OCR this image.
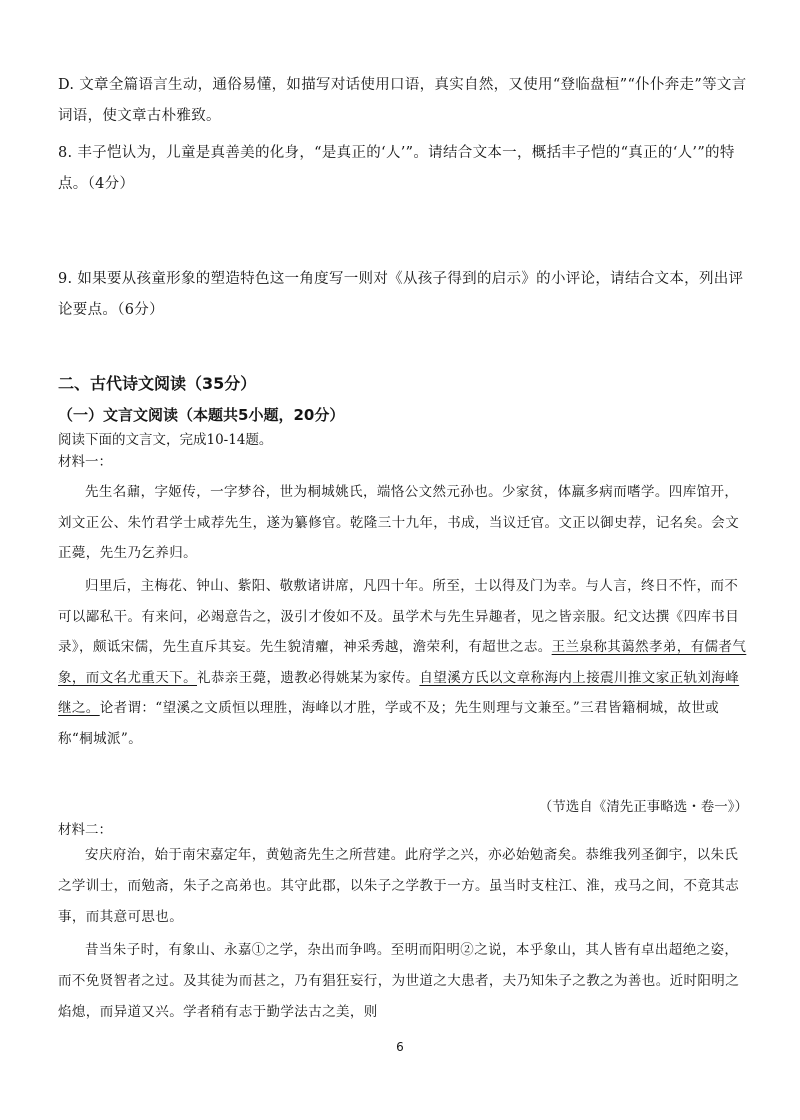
D. 文章全篇语言生动，通俗易懂，如描写对话使用口语，真实自然，又使用“登临盘桓”“仆仆奔走”等文言词语，使文章古朴雅致。

8. 丰子恺认为，儿童是真善美的化身，“是真正的‘人’”。请结合文本一，概括丰子恺的“真正的‘人’”的特点。（4分）

9. 如果要从孩童形象的塑造特色这一角度写一则对《从孩子得到的启示》的小评论，请结合文本，列出评论要点。（6分）

二、古代诗文阅读（35分）
（一）文言文阅读（本题共5小题，20分）
阅读下面的文言文，完成10-14题。
材料一：

先生名鼐，字姬传，一字梦谷，世为桐城姚氏，端恪公文然元孙也。少家贫，体羸多病而嗜学。四库馆开，刘文正公、朱竹君学士咸荐先生，遂为纂修官。乾隆三十九年，书成，当议迁官。文正以御史荐，记名矣。会文正薨，先生乃乞养归。

归里后，主梅花、钟山、紫阳、敬敷诸讲席，凡四十年。所至，士以得及门为幸。与人言，终日不忤，而不可以鄙私干。有来问，必竭意告之，汲引才俊如不及。虽学术与先生异趣者，见之皆亲服。纪文达撰《四库书目录》，颇诋宋儒，先生直斥其妄。先生貌清癯，神采秀越，澹荣利，有超世之志。王兰泉称其蔼然孝弟，有儒者气象，而文名尤重天下。礼恭亲王薨，遗教必得姚某为家传。自望溪方氏以文章称海内上接震川推文家正轨刘海峰继之。论者谓：“望溪之文质恒以理胜，海峰以才胜，学或不及；先生则理与文兼至。”三君皆籍桐城，故世或称“桐城派”。

（节选自《清先正事略选・卷一》）
材料二：

安庆府治，始于南宋嘉定年，黄勉斋先生之所营建。此府学之兴，亦必始勉斋矣。恭维我列圣御宇，以朱氏之学训士，而勉斋，朱子之高弟也。其守此郡，以朱子之学教于一方。虽当时支柱江、淮，戎马之间，不竟其志事，而其意可思也。

昔当朱子时，有象山、永嘉①之学，杂出而争鸣。至明而阳明②之说，本乎象山，其人皆有卓出超绝之姿，而不免贤智者之过。及其徒为而甚之，乃有猖狂妄行，为世道之大患者，夫乃知朱子之教之为善也。近时阳明之焰熄，而异道又兴。学者稍有志于勤学法古之美，则

6
